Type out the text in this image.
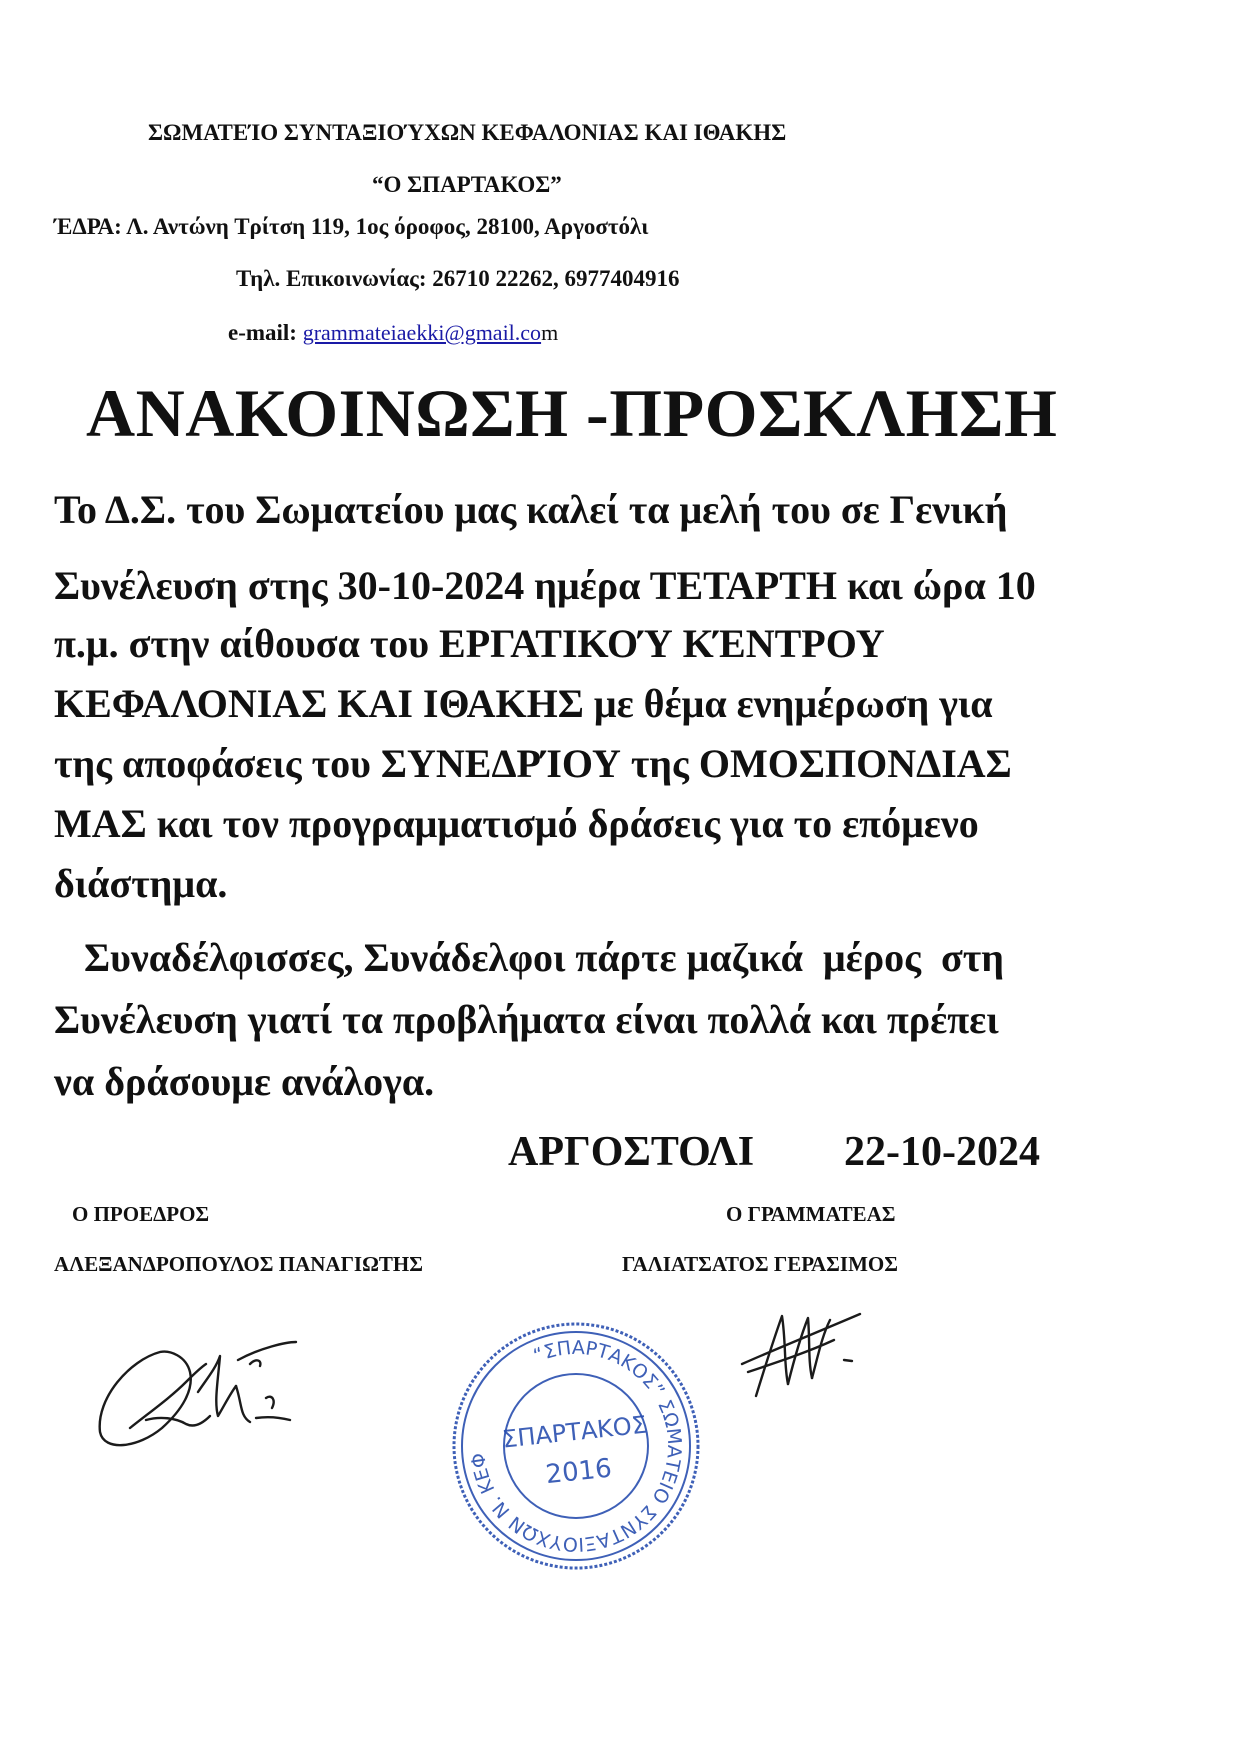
ΣΩΜΑΤΕΊΟ ΣΥΝΤΑΞΙΟΎΧΩΝ ΚΕΦΑΛΟΝΙΑΣ ΚΑΙ ΙΘΑΚΗΣ
“Ο ΣΠΑΡΤΑΚΟΣ”
ΈΔΡΑ: Λ. Αντώνη Τρίτση 119, 1ος όροφος, 28100, Αργοστόλι
Τηλ. Επικοινωνίας: 26710 22262, 6977404916
e-mail: grammateiaekki@gmail.com
ΑΝΑΚΟΙΝΩΣΗ -ΠΡΟΣΚΛΗΣΗ
Το Δ.Σ. του Σωματείου μας καλεί τα μελή του σε Γενική
Συνέλευση στης 30-10-2024 ημέρα ΤΕΤΑΡΤΗ και ώρα 10
π.μ. στην αίθουσα του ΕΡΓΑΤΙΚΟΎ ΚΈΝΤΡΟΥ
ΚΕΦΑΛΟΝΙΑΣ ΚΑΙ ΙΘΑΚΗΣ με θέμα ενημέρωση για
της αποφάσεις του ΣΥΝΕΔΡΊΟΥ της ΟΜΟΣΠΟΝΔΙΑΣ
ΜΑΣ και τον προγραμματισμό δράσεις για το επόμενο
διάστημα.
Συναδέλφισσες, Συνάδελφοι πάρτε μαζικά  μέρος  στη
Συνέλευση γιατί τα προβλήματα είναι πολλά και πρέπει
να δράσουμε ανάλογα.
ΑΡΓΟΣΤΟΛΙ 22-10-2024
Ο ΠΡΟΕΔΡΟΣ
ΑΛΕΞΑΝΔΡΟΠΟΥΛΟΣ ΠΑΝΑΓΙΩΤΗΣ
Ο ΓΡΑΜΜΑΤΕΑΣ
ΓΑΛΙΑΤΣΑΤΟΣ ΓΕΡΑΣΙΜΟΣ
“ΣΠΑΡΤΑΚΟΣ” ΣΩΜΑΤΕΙΟ ΣΥΝΤΑΞΙΟΥΧΩΝ Ν. ΚΕΦΑΛΛΗΝΙΑΣ & ΙΘΑΚΗΣ
ΣΠΑΡΤΑΚΟΣ
2016
